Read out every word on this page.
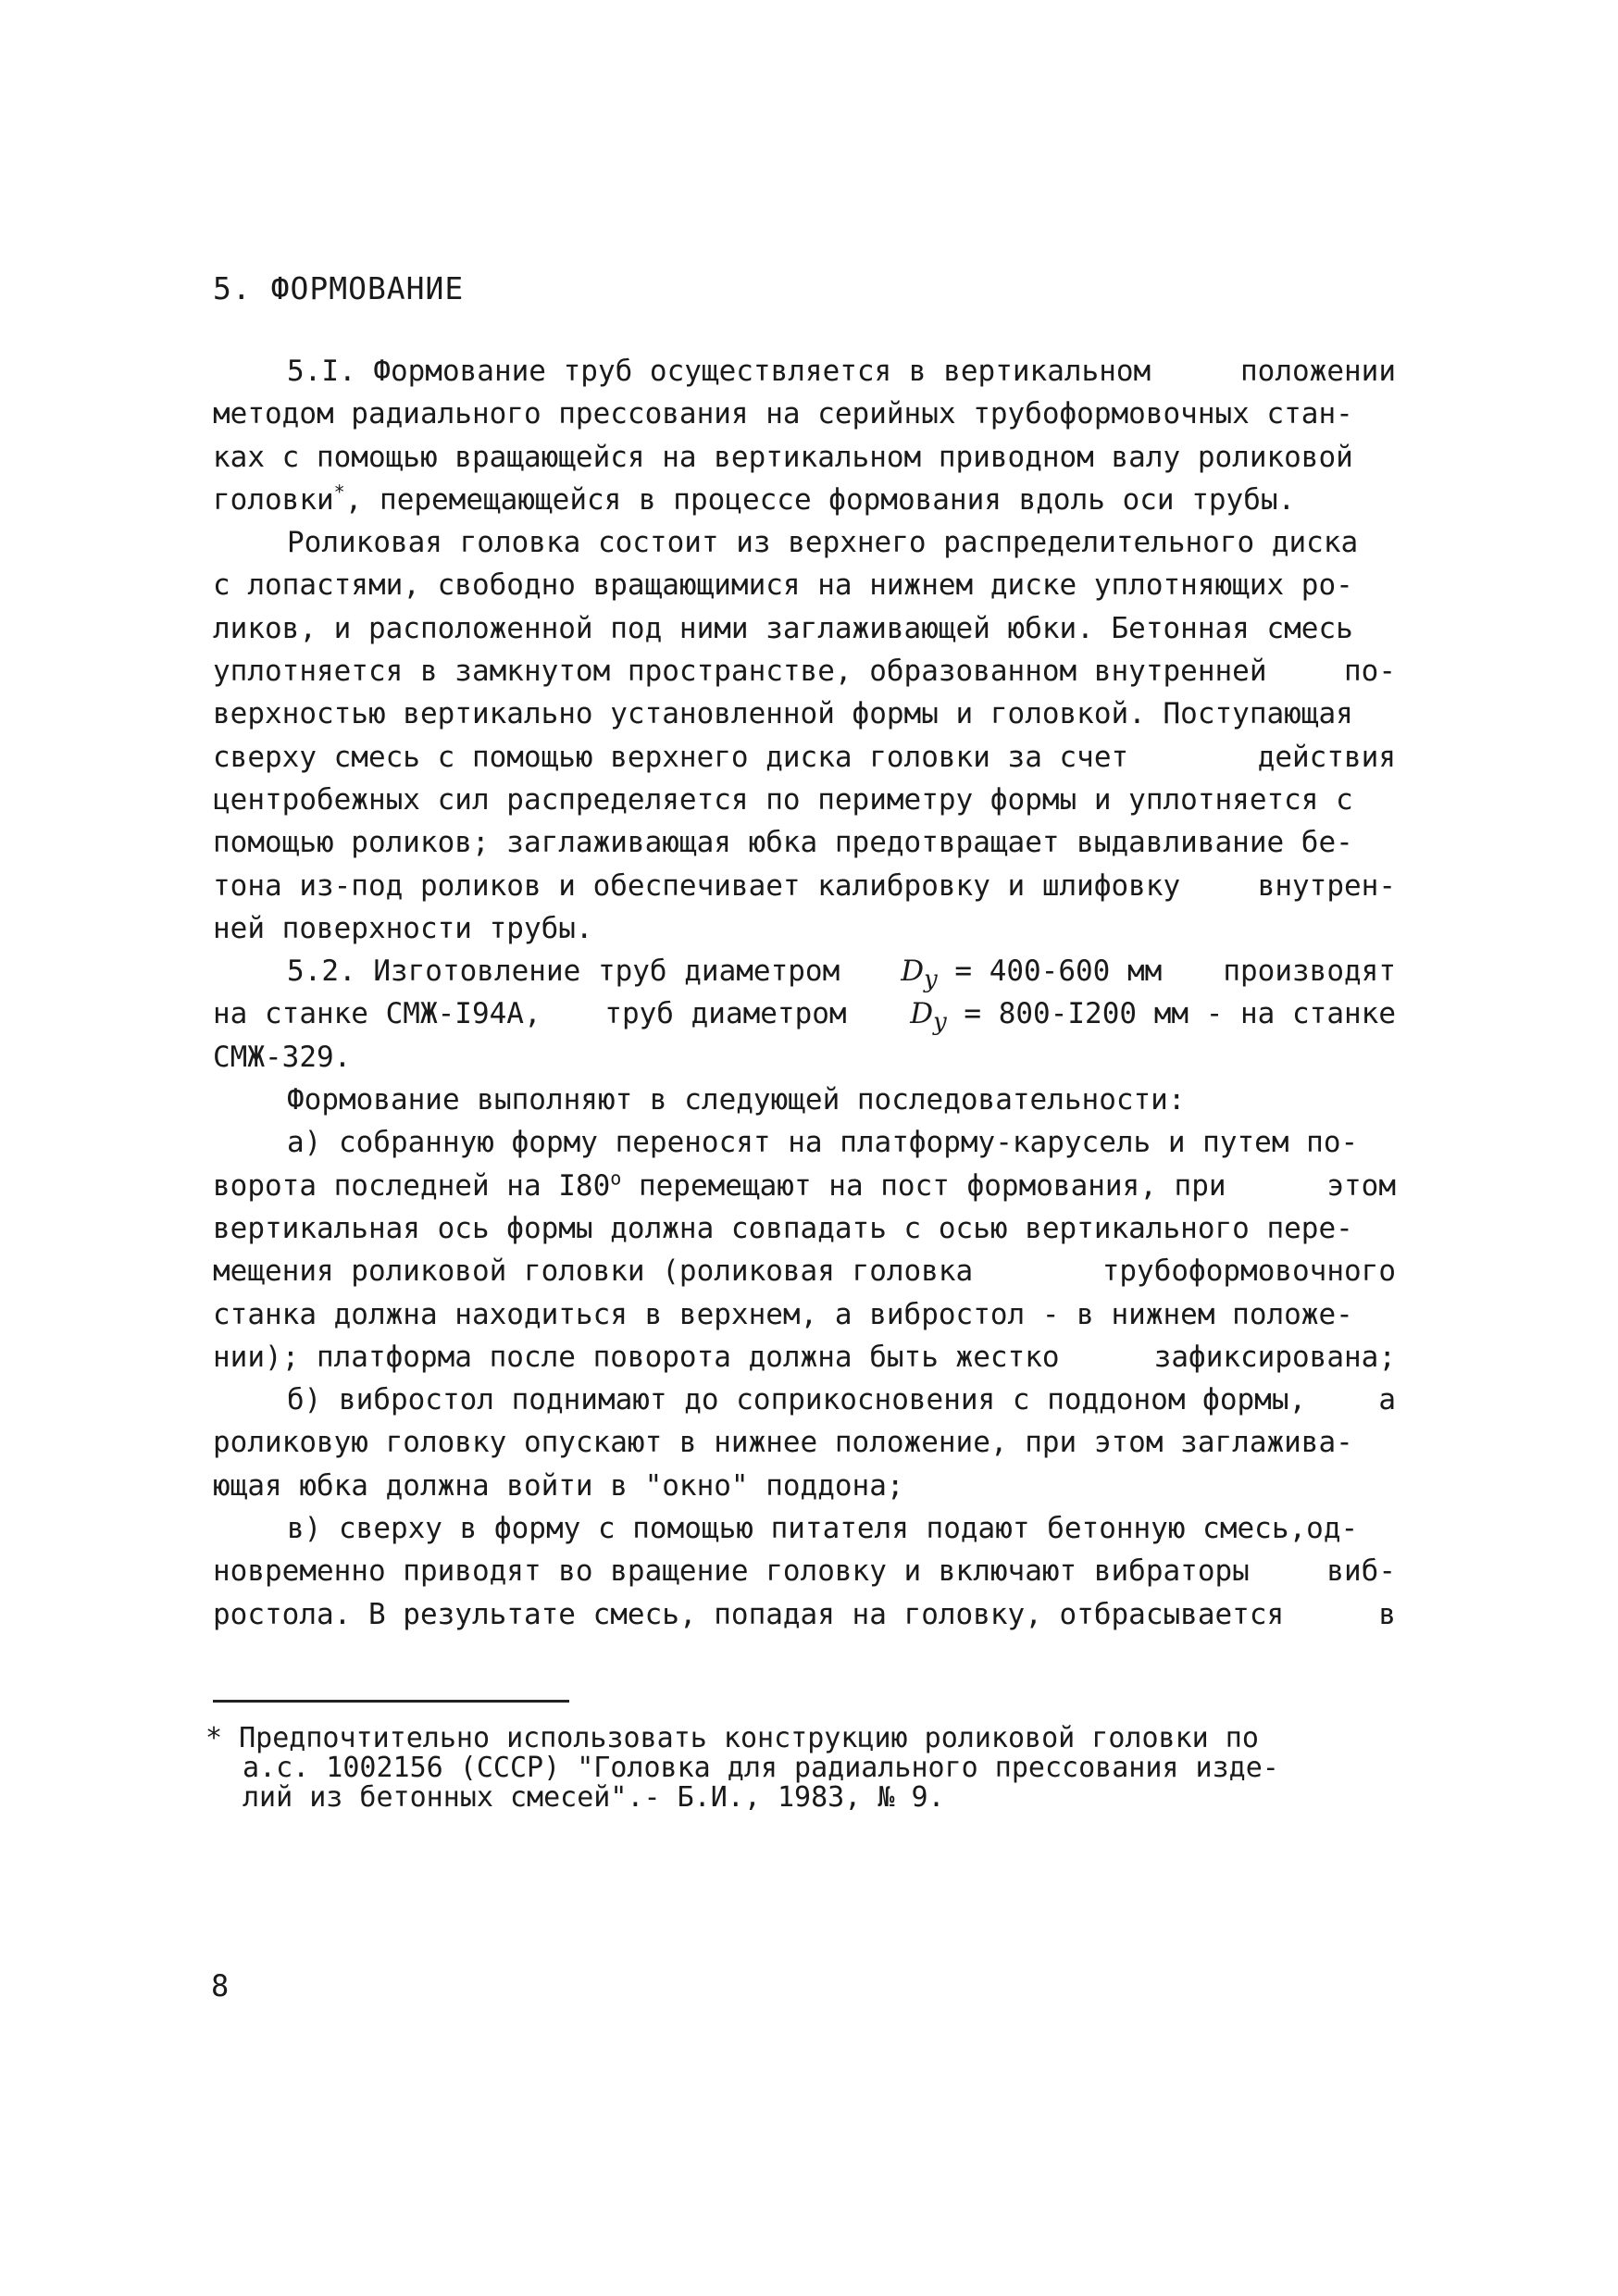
5. ФОРМОВАНИЕ
5.I. Формование труб осуществляется в вертикальном	положении
методом радиального прессования на серийных трубоформовочных стан-
ках с помощью вращающейся на вертикальном приводном валу роликовой
головки*, перемещающейся в процессе формования вдоль оси трубы.
Роликовая головка состоит из верхнего распределительного диска
с лопастями, свободно вращающимися на нижнем диске уплотняющих ро-
ликов, и расположенной под ними заглаживающей юбки. Бетонная смесь
уплотняется в замкнутом пространстве, образованном внутренней	по-
верхностью вертикально установленной формы и головкой. Поступающая
сверху смесь с помощью верхнего диска головки за счет	действия
центробежных сил распределяется по периметру формы и уплотняется с
помощью роликов; заглаживающая юбка предотвращает выдавливание бе-
тона из-под роликов и обеспечивает калибровку и шлифовку	внутрен-
ней поверхности трубы.
5.2. Изготовление труб диаметром $D_y = 400-600$ мм производят
на станке СМЖ-I94А, труб диаметром $D_y = 800-I200$ мм - на станке
СМЖ-329.
Формование выполняют в следующей последовательности:
а) собранную форму переносят на платформу-карусель и путем по-
ворота последней на $I80^о$ перемещают на пост формования, при	этом
вертикальная ось формы должна совпадать с осью вертикального пере-
мещения роликовой головки (роликовая головка	трубоформовочного
станка должна находиться в верхнем, а вибростол - в нижнем положе-
нии); платформа после поворота должна быть жестко	зафиксирована;
б) вибростол поднимают до соприкосновения с поддоном формы,	а
роликовую головку опускают в нижнее положение, при этом заглажива-
ющая юбка должна войти в "окно" поддона;
в) сверху в форму с помощью питателя подают бетонную смесь,од-
новременно приводят во вращение головку и включают вибраторы	виб-
ростола. В результате смесь, попадая на головку, отбрасывается	в
* Предпочтительно использовать конструкцию роликовой головки по
а.с. 1002156 (СССР) "Головка для радиального прессования изде-
лий из бетонных смесей".- Б.И., 1983, № 9.
8
